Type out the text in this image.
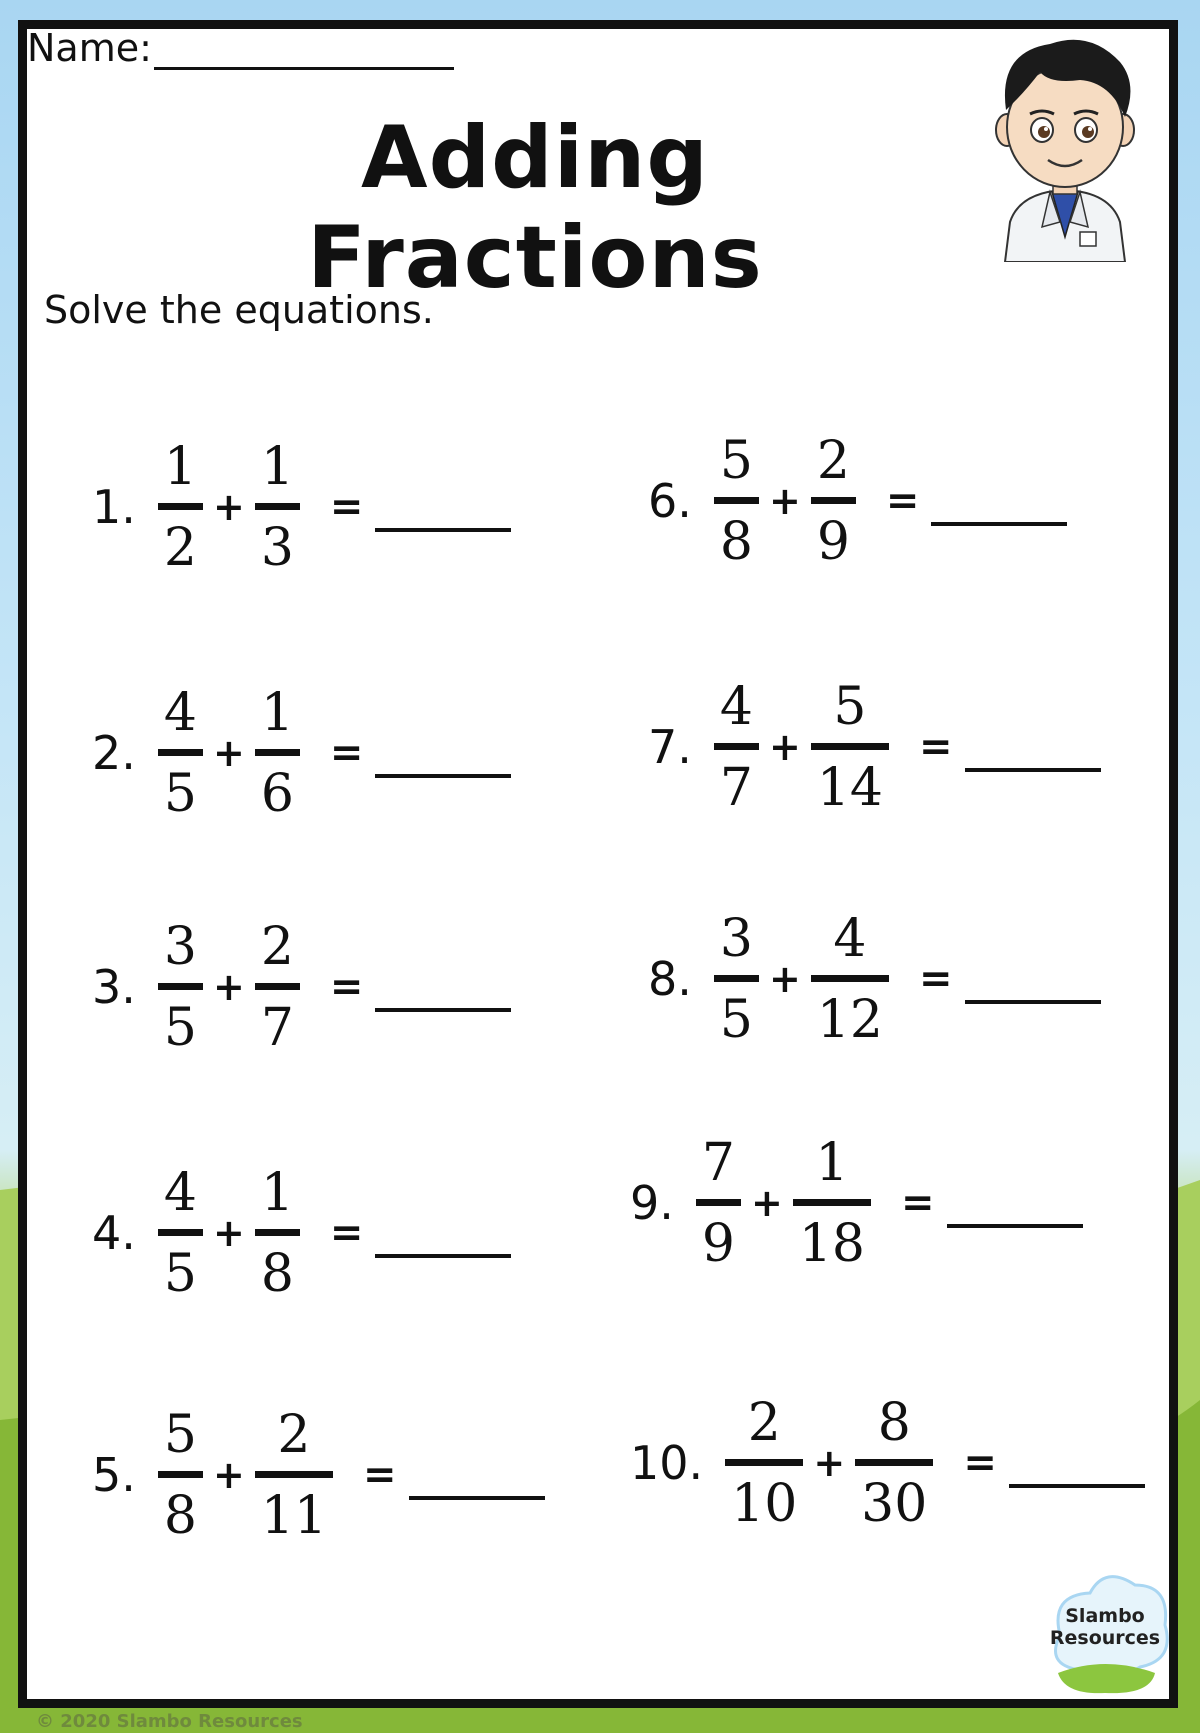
Name:
Adding Fractions
Solve the equations.
1.
1
2
+
1
3
=
2.
4
5
+
1
6
=
3.
3
5
+
2
7
=
4.
4
5
+
1
8
=
5.
5
8
+
2
11
=
6.
5
8
+
2
9
=
7.
4
7
+
5
14
=
8.
3
5
+
4
12
=
9.
7
9
+
1
18
=
10.
2
10
+
8
30
=
Slambo
Resources
© 2020 Slambo Resources
